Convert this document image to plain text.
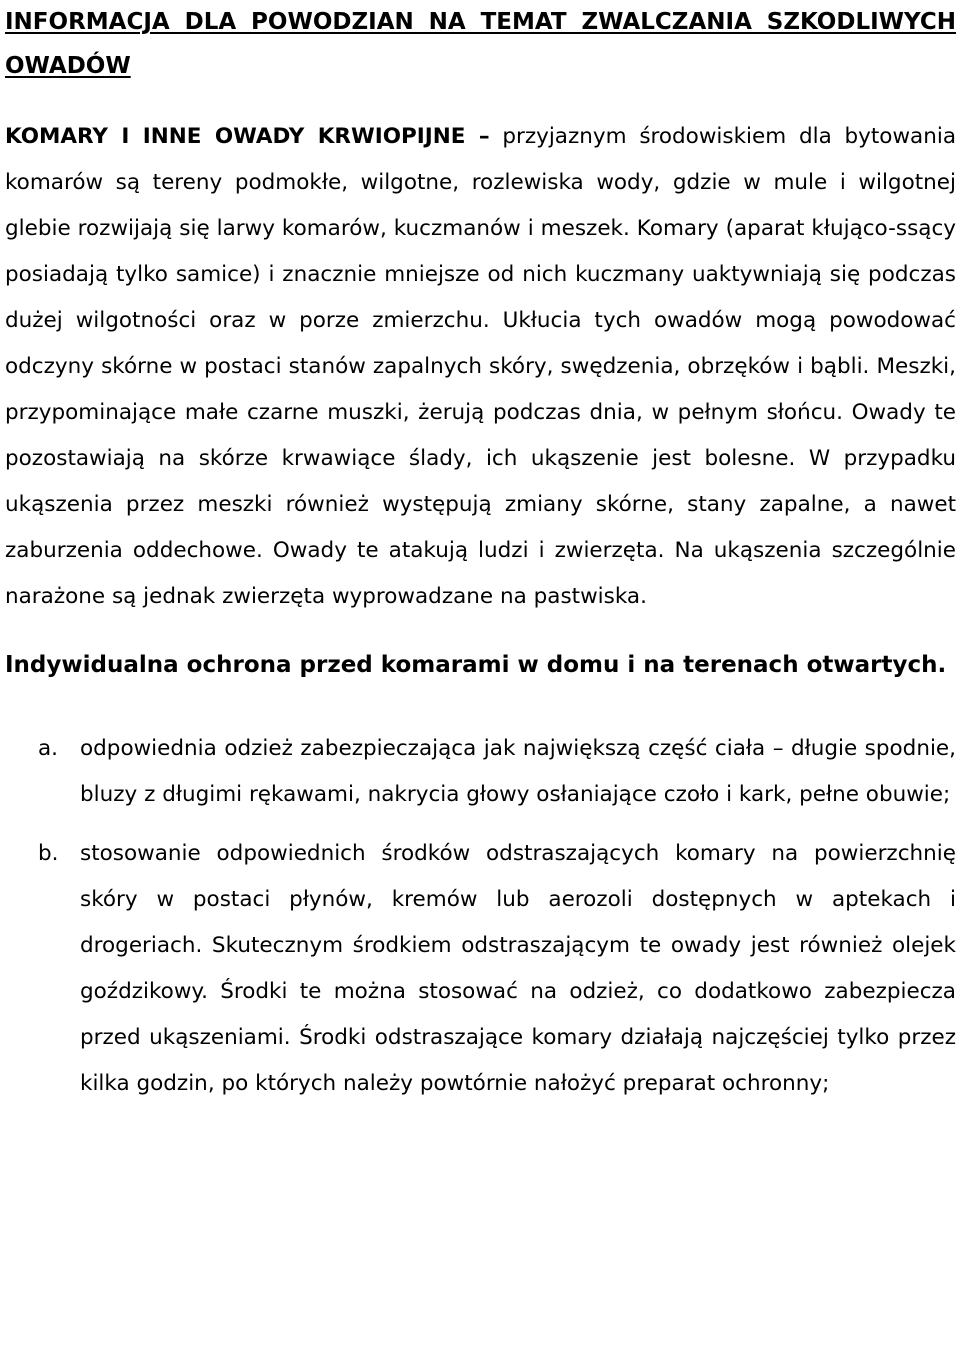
INFORMACJA DLA POWODZIAN NA TEMAT ZWALCZANIA SZKODLIWYCH OWADÓW

KOMARY I INNE OWADY KRWIOPIJNE – przyjaznym środowiskiem dla bytowania komarów są tereny podmokłe, wilgotne, rozlewiska wody, gdzie w mule i wilgotnej glebie rozwijają się larwy komarów, kuczmanów i meszek. Komary (aparat kłująco-ssący posiadają tylko samice) i znacznie mniejsze od nich kuczmany uaktywniają się podczas dużej wilgotności oraz w porze zmierzchu. Ukłucia tych owadów mogą powodować odczyny skórne w postaci stanów zapalnych skóry, swędzenia, obrzęków i bąbli. Meszki, przypominające małe czarne muszki, żerują podczas dnia, w pełnym słońcu. Owady te pozostawiają na skórze krwawiące ślady, ich ukąszenie jest bolesne. W przypadku ukąszenia przez meszki również występują zmiany skórne, stany zapalne, a nawet zaburzenia oddechowe. Owady te atakują ludzi i zwierzęta. Na ukąszenia szczególnie narażone są jednak zwierzęta wyprowadzane na pastwiska.

Indywidualna ochrona przed komarami w domu i na terenach otwartych.
a. odpowiednia odzież zabezpieczająca jak największą część ciała – długie spodnie, bluzy z długimi rękawami, nakrycia głowy osłaniające czoło i kark, pełne obuwie;
b. stosowanie odpowiednich środków odstraszających komary na powierzchnię skóry w postaci płynów, kremów lub aerozoli dostępnych w aptekach i drogeriach. Skutecznym środkiem odstraszającym te owady jest również olejek goździkowy. Środki te można stosować na odzież, co dodatkowo zabezpiecza przed ukąszeniami. Środki odstraszające komary działają najczęściej tylko przez kilka godzin, po których należy powtórnie nałożyć preparat ochronny;
